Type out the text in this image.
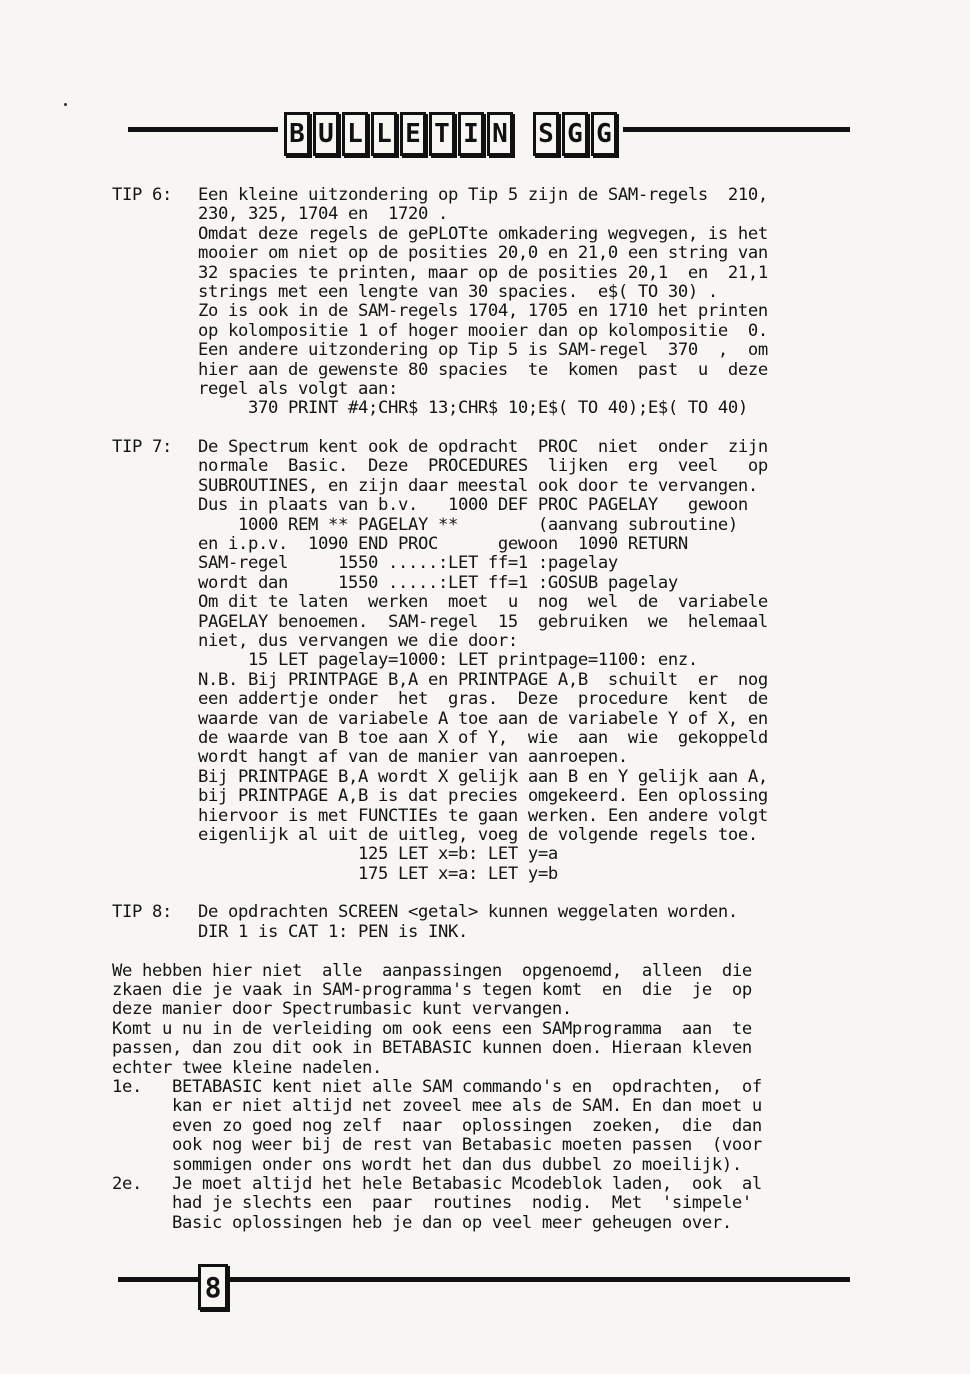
B U L L E T I N S G G
TIP 6:	Een kleine uitzondering op Tip 5 zijn de SAM-regels  210,
230, 325, 1704 en  1720 .
Omdat deze regels de gePLOTte omkadering wegvegen, is het
mooier om niet op de posities 20,0 en 21,0 een string van
32 spacies te printen, maar op de posities 20,1  en  21,1
strings met een lengte van 30 spacies.  e$( TO 30) .
Zo is ook in de SAM-regels 1704, 1705 en 1710 het printen
op kolompositie 1 of hoger mooier dan op kolompositie  0.
Een andere uitzondering op Tip 5 is SAM-regel  370  ,  om
hier aan de gewenste 80 spacies  te  komen  past  u  deze
regel als volgt aan:
370 PRINT #4;CHR$ 13;CHR$ 10;E$( TO 40);E$( TO 40)
TIP 7:	De Spectrum kent ook de opdracht  PROC  niet  onder  zijn
normale  Basic.  Deze  PROCEDURES  lijken  erg  veel   op
SUBROUTINES, en zijn daar meestal ook door te vervangen.
Dus in plaats van b.v.   1000 DEF PROC PAGELAY   gewoon
1000 REM ** PAGELAY **        (aanvang subroutine)
en i.p.v.  1090 END PROC      gewoon  1090 RETURN
SAM-regel     1550 .....:LET ff=1 :pagelay
wordt dan     1550 .....:LET ff=1 :GOSUB pagelay
Om dit te laten  werken  moet  u  nog  wel  de  variabele
PAGELAY benoemen.  SAM-regel  15  gebruiken  we  helemaal
niet, dus vervangen we die door:
15 LET pagelay=1000: LET printpage=1100: enz.
N.B. Bij PRINTPAGE B,A en PRINTPAGE A,B  schuilt  er  nog
een addertje onder  het  gras.  Deze  procedure  kent  de
waarde van de variabele A toe aan de variabele Y of X, en
de waarde van B toe aan X of Y,  wie  aan  wie  gekoppeld
wordt hangt af van de manier van aanroepen.
Bij PRINTPAGE B,A wordt X gelijk aan B en Y gelijk aan A,
bij PRINTPAGE A,B is dat precies omgekeerd. Een oplossing
hiervoor is met FUNCTIEs te gaan werken. Een andere volgt
eigenlijk al uit de uitleg, voeg de volgende regels toe.
125 LET x=b: LET y=a
175 LET x=a: LET y=b
TIP 8:	De opdrachten SCREEN <getal> kunnen weggelaten worden.
DIR 1 is CAT 1: PEN is INK.
We hebben hier niet  alle  aanpassingen  opgenoemd,  alleen  die
zkaen die je vaak in SAM-programma's tegen komt  en  die  je  op
deze manier door Spectrumbasic kunt vervangen.
Komt u nu in de verleiding om ook eens een SAMprogramma  aan  te
passen, dan zou dit ook in BETABASIC kunnen doen. Hieraan kleven
echter twee kleine nadelen.
1e.	BETABASIC kent niet alle SAM commando's en  opdrachten,  of
kan er niet altijd net zoveel mee als de SAM. En dan moet u
even zo goed nog zelf  naar  oplossingen  zoeken,  die  dan
ook nog weer bij de rest van Betabasic moeten passen  (voor
sommigen onder ons wordt het dan dus dubbel zo moeilijk).
2e.	Je moet altijd het hele Betabasic Mcodeblok laden,  ook  al
had je slechts een  paar  routines  nodig.  Met  'simpele'
Basic oplossingen heb je dan op veel meer geheugen over.
8
